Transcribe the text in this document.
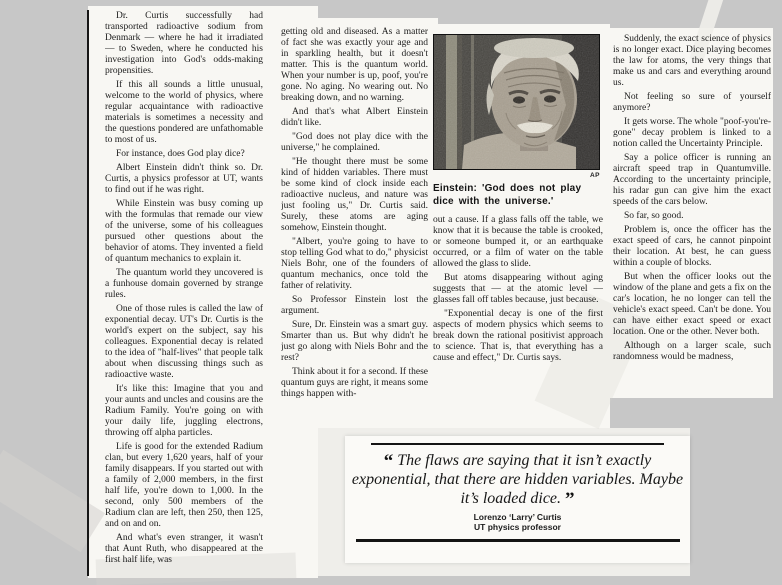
Dr. Curtis successfully had transported radioactive sodium from Denmark — where he had it irradiated — to Sweden, where he conducted his investigation into God's odds-making propensities.

If this all sounds a little unusual, welcome to the world of physics, where regular acquaintance with radioactive materials is sometimes a necessity and the questions pondered are unfathomable to most of us.

For instance, does God play dice?

Albert Einstein didn't think so. Dr. Curtis, a physics professor at UT, wants to find out if he was right.

While Einstein was busy coming up with the formulas that remade our view of the universe, some of his colleagues pursued other questions about the behavior of atoms. They invented a field of quantum mechanics to explain it.

The quantum world they uncovered is a funhouse domain governed by strange rules.

One of those rules is called the law of exponential decay. UT's Dr. Curtis is the world's expert on the subject, say his colleagues. Exponential decay is related to the idea of "half-lives" that people talk about when discussing things such as radioactive waste.

It's like this: Imagine that you and your aunts and uncles and cousins are the Radium Family. You're going on with your daily life, juggling electrons, throwing off alpha particles.

Life is good for the extended Radium clan, but every 1,620 years, half of your family disappears. If you started out with a family of 2,000 members, in the first half life, you're down to 1,000. In the second, only 500 members of the Radium clan are left, then 250, then 125, and on and on.

And what's even stranger, it wasn't that Aunt Ruth, who disappeared at the first half life, was

getting old and diseased. As a matter of fact she was exactly your age and in sparkling health, but it doesn't matter. This is the quantum world. When your number is up, poof, you're gone. No aging. No wearing out. No breaking down, and no warning.

And that's what Albert Einstein didn't like.

"God does not play dice with the universe," he complained.

"He thought there must be some kind of hidden variables. There must be some kind of clock inside each radioactive nucleus, and nature was just fooling us," Dr. Curtis said. Surely, these atoms are aging somehow, Einstein thought.

"Albert, you're going to have to stop telling God what to do," physicist Niels Bohr, one of the founders of quantum mechanics, once told the father of relativity.

So Professor Einstein lost the argument.

Sure, Dr. Einstein was a smart guy. Smarter than us. But why didn't he just go along with Niels Bohr and the rest?

Think about it for a second. If these quantum guys are right, it means some things happen with-

AP
Einstein: 'God does not play dice with the universe.'

out a cause. If a glass falls off the table, we know that it is because the table is crooked, or someone bumped it, or an earthquake occurred, or a film of water on the table allowed the glass to slide.

But atoms disappearing without aging suggests that — at the atomic level — glasses fall off tables because, just because.

"Exponential decay is one of the first aspects of modern physics which seems to break down the rational positivist approach to science. That is, that everything has a cause and effect," Dr. Curtis says.

Suddenly, the exact science of physics is no longer exact. Dice playing becomes the law for atoms, the very things that make us and cars and everything around us.

Not feeling so sure of yourself anymore?

It gets worse. The whole "poof-you're-gone" decay problem is linked to a notion called the Uncertainty Principle.

Say a police officer is running an aircraft speed trap in Quantumville. According to the uncertainty principle, his radar gun can give him the exact speeds of the cars below.

So far, so good.

Problem is, once the officer has the exact speed of cars, he cannot pinpoint their location. At best, he can guess within a couple of blocks.

But when the officer looks out the window of the plane and gets a fix on the car's location, he no longer can tell the vehicle's exact speed. Can't be done. You can have either exact speed or exact location. One or the other. Never both.

Although on a larger scale, such randomness would be madness,

“ The flaws are saying that it isn’t exactly exponential, that there are hidden variables. Maybe it’s loaded dice. ”
Lorenzo ‘Larry’ Curtis
UT physics professor
